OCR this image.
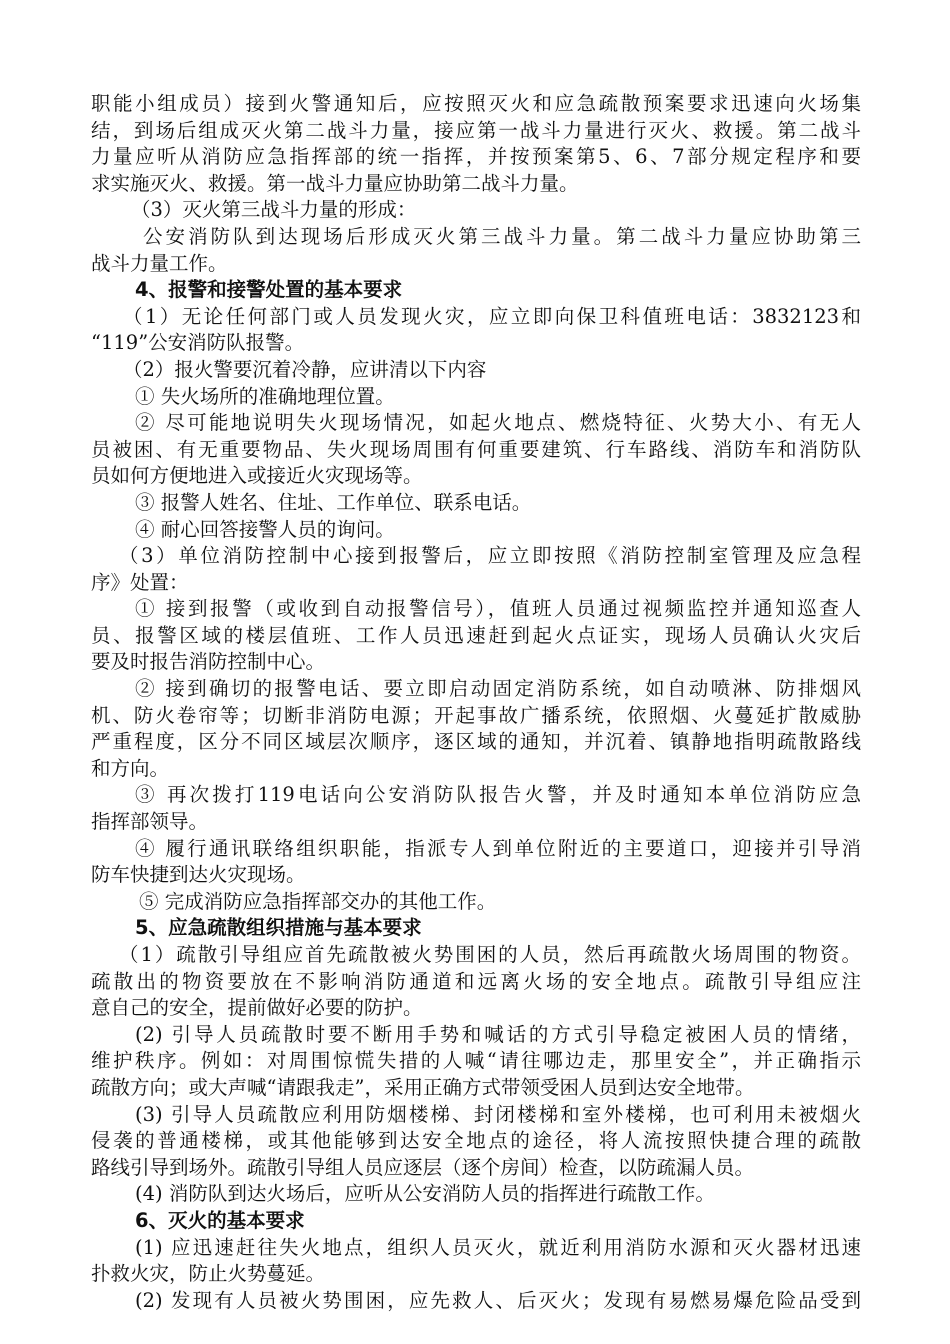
职能小组成员）接到火警通知后，应按照灭火和应急疏散预案要求迅速向火场集
结，到场后组成灭火第二战斗力量，接应第一战斗力量进行灭火、救援。第二战斗
力量应听从消防应急指挥部的统一指挥，并按预案第5、6、7部分规定程序和要
求实施灭火、救援。第一战斗力量应协助第二战斗力量。
（3）灭火第三战斗力量的形成：
公安消防队到达现场后形成灭火第三战斗力量。第二战斗力量应协助第三
战斗力量工作。
4、报警和接警处置的基本要求
（1）无论任何部门或人员发现火灾，应立即向保卫科值班电话：3832123和
“119”公安消防队报警。
（2）报火警要沉着冷静，应讲清以下内容
① 失火场所的准确地理位置。
② 尽可能地说明失火现场情况，如起火地点、燃烧特征、火势大小、有无人
员被困、有无重要物品、失火现场周围有何重要建筑、行车路线、消防车和消防队
员如何方便地进入或接近火灾现场等。
③ 报警人姓名、住址、工作单位、联系电话。
④ 耐心回答接警人员的询问。
（3）单位消防控制中心接到报警后，应立即按照《消防控制室管理及应急程
序》处置：
① 接到报警（或收到自动报警信号），值班人员通过视频监控并通知巡查人
员、报警区域的楼层值班、工作人员迅速赶到起火点证实，现场人员确认火灾后
要及时报告消防控制中心。
② 接到确切的报警电话、要立即启动固定消防系统，如自动喷淋、防排烟风
机、防火卷帘等；切断非消防电源；开起事故广播系统，依照烟、火蔓延扩散威胁
严重程度，区分不同区域层次顺序，逐区域的通知，并沉着、镇静地指明疏散路线
和方向。
③ 再次拨打119电话向公安消防队报告火警，并及时通知本单位消防应急
指挥部领导。
④ 履行通讯联络组织职能，指派专人到单位附近的主要道口，迎接并引导消
防车快捷到达火灾现场。
⑤ 完成消防应急指挥部交办的其他工作。
5、应急疏散组织措施与基本要求
（1）疏散引导组应首先疏散被火势围困的人员，然后再疏散火场周围的物资。
疏散出的物资要放在不影响消防通道和远离火场的安全地点。疏散引导组应注
意自己的安全，提前做好必要的防护。
(2) 引导人员疏散时要不断用手势和喊话的方式引导稳定被困人员的情绪，
维护秩序。例如：对周围惊慌失措的人喊“请往哪边走，那里安全”，并正确指示
疏散方向；或大声喊“请跟我走”，采用正确方式带领受困人员到达安全地带。
(3) 引导人员疏散应利用防烟楼梯、封闭楼梯和室外楼梯，也可利用未被烟火
侵袭的普通楼梯，或其他能够到达安全地点的途径，将人流按照快捷合理的疏散
路线引导到场外。疏散引导组人员应逐层（逐个房间）检查，以防疏漏人员。
(4) 消防队到达火场后，应听从公安消防人员的指挥进行疏散工作。
6、灭火的基本要求
(1) 应迅速赶往失火地点，组织人员灭火，就近利用消防水源和灭火器材迅速
扑救火灾，防止火势蔓延。
(2) 发现有人员被火势围困，应先救人、后灭火；发现有易燃易爆危险品受到
